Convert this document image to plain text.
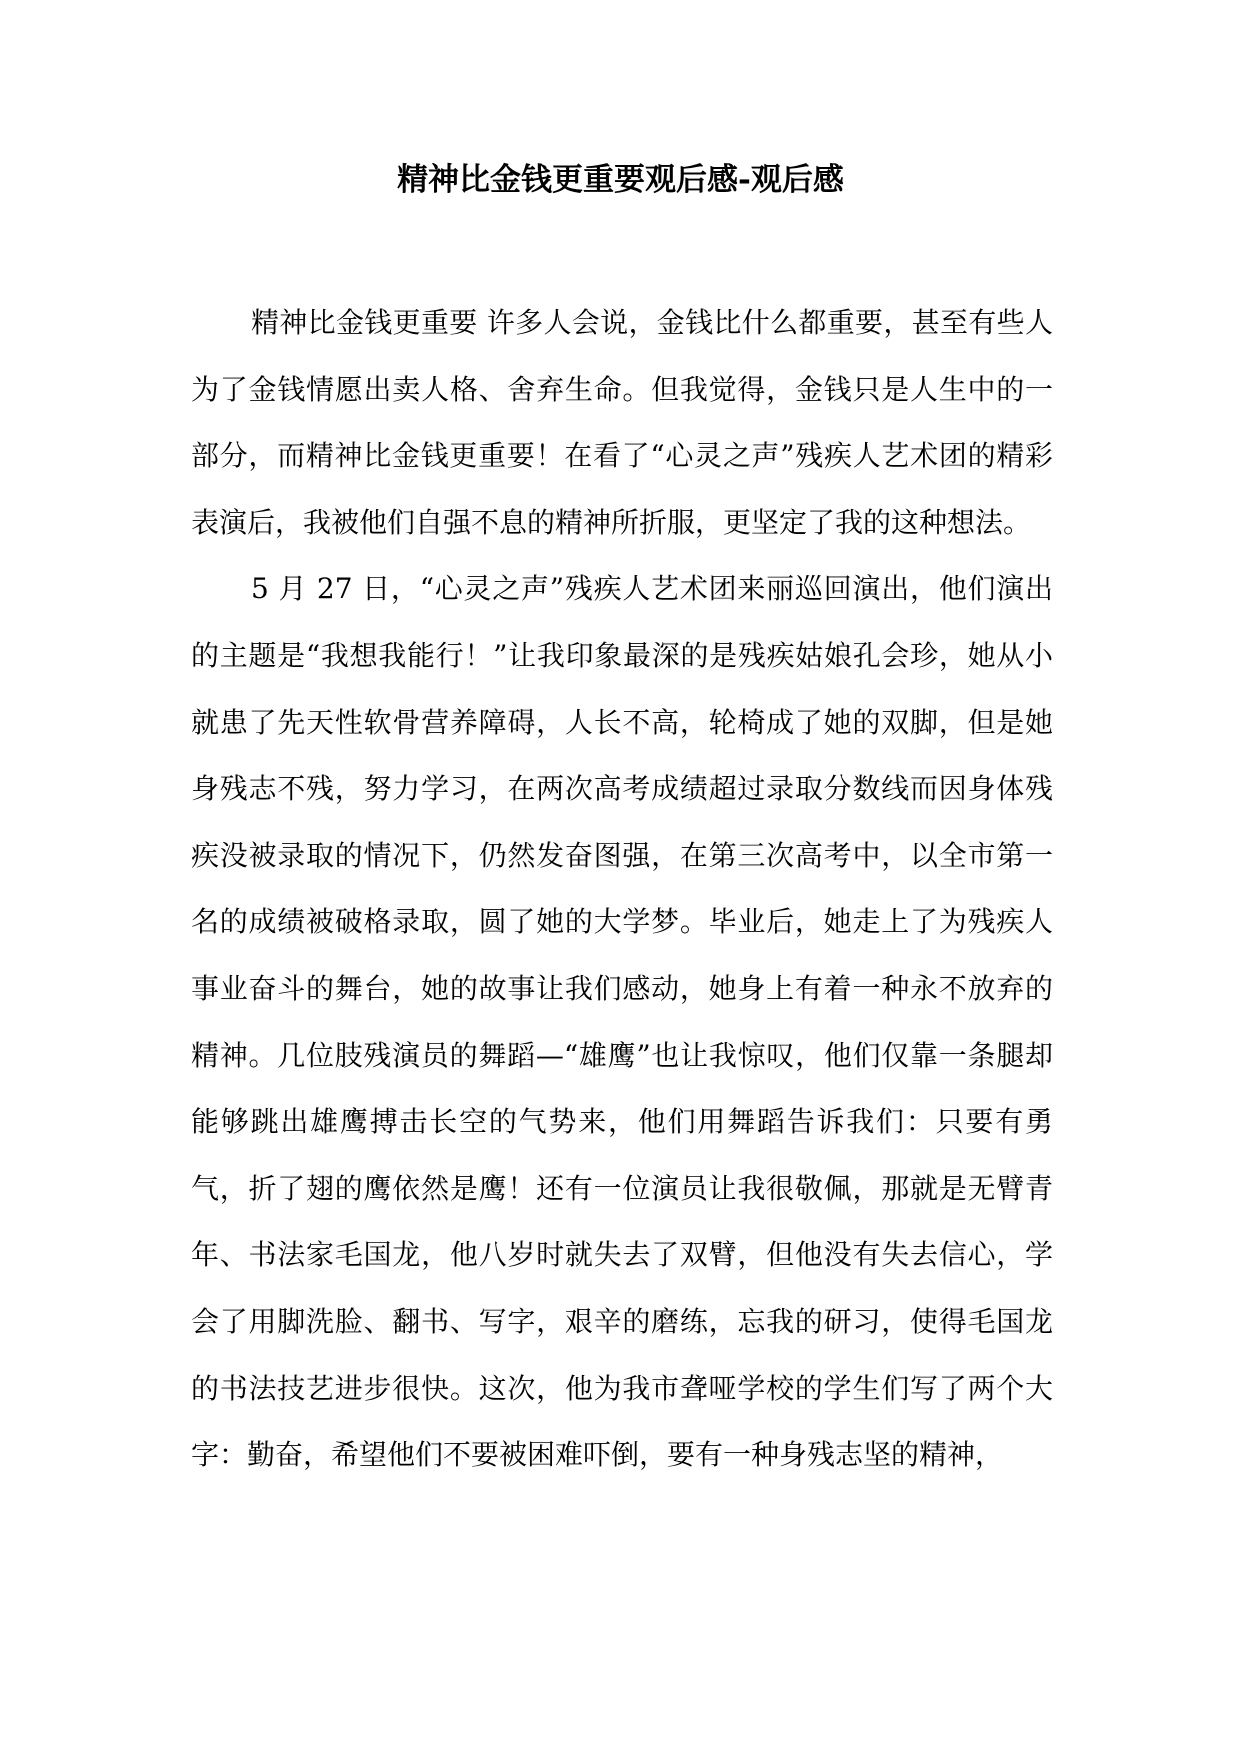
精神比金钱更重要观后感-观后感

精神比金钱更重要 许多人会说，金钱比什么都重要，甚至有些人为了金钱情愿出卖人格、舍弃生命。但我觉得，金钱只是人生中的一部分，而精神比金钱更重要！在看了“心灵之声”残疾人艺术团的精彩表演后，我被他们自强不息的精神所折服，更坚定了我的这种想法。

5 月 27 日，“心灵之声”残疾人艺术团来丽巡回演出，他们演出的主题是“我想我能行！”让我印象最深的是残疾姑娘孔会珍，她从小就患了先天性软骨营养障碍，人长不高，轮椅成了她的双脚，但是她身残志不残，努力学习，在两次高考成绩超过录取分数线而因身体残疾没被录取的情况下，仍然发奋图强，在第三次高考中，以全市第一名的成绩被破格录取，圆了她的大学梦。毕业后，她走上了为残疾人事业奋斗的舞台，她的故事让我们感动，她身上有着一种永不放弃的精神。几位肢残演员的舞蹈—“雄鹰”也让我惊叹，他们仅靠一条腿却能够跳出雄鹰搏击长空的气势来，他们用舞蹈告诉我们：只要有勇气，折了翅的鹰依然是鹰！还有一位演员让我很敬佩，那就是无臂青年、书法家毛国龙，他八岁时就失去了双臂，但他没有失去信心，学会了用脚洗脸、翻书、写字，艰辛的磨练，忘我的研习，使得毛国龙的书法技艺进步很快。这次，他为我市聋哑学校的学生们写了两个大字：勤奋，希望他们不要被困难吓倒，要有一种身残志坚的精神，
